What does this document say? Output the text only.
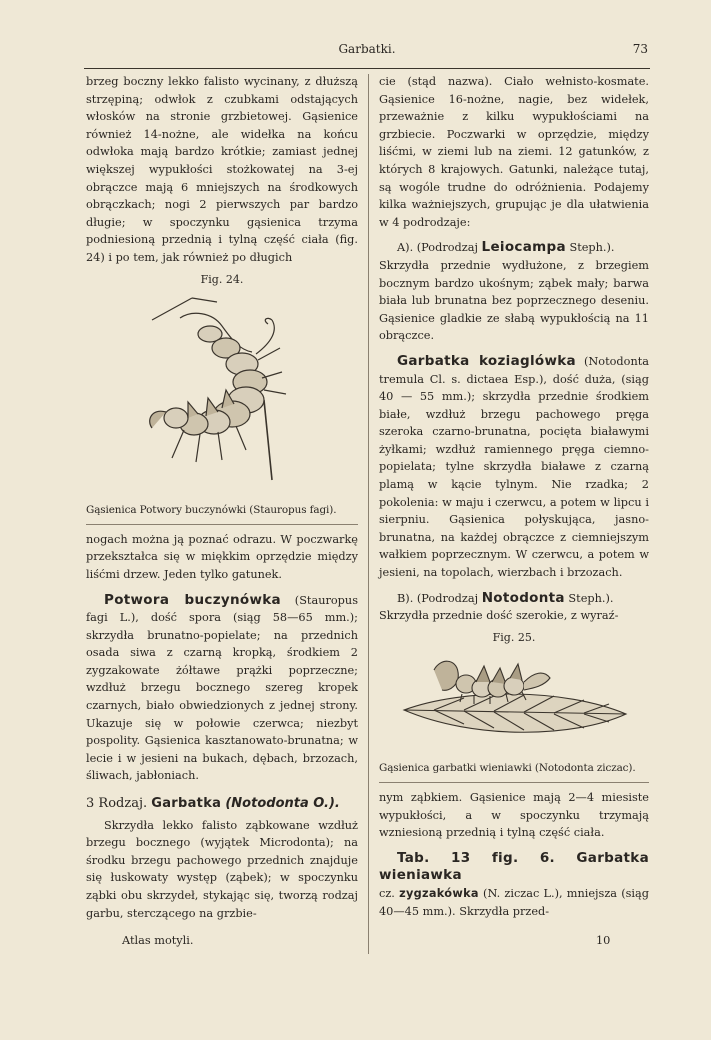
Garbatki.	73

brzeg boczny lekko falisto wycinany, z dłuższą strzępiną; odwłok z czubkami odstających włosków na stronie grzbietowej. Gąsienice również 14-nożne, ale widełka na końcu odwłoka mają bardzo krótkie; zamiast jednej większej wypukłości stożkowatej na 3-ej obrączce mają 6 mniejszych na środkowych obrączkach; nogi 2 pierwszych par bardzo długie; w spoczynku gąsienica trzyma podniesioną przednią i tylną część ciała (fig. 24) i po tem, jak również po długich

Fig. 24.
Gąsienica Potwory buczynówki (Stauropus fagi).

nogach można ją poznać odrazu. W poczwarkę przekształca się w miękkim oprzędzie między liśćmi drzew. Jeden tylko gatunek.

Potwora buczynówka (Stauropus fagi L.), dość spora (siąg 58—65 mm.); skrzydła brunatno-popielate; na przednich osada siwa z czarną kropką, środkiem 2 zygzakowate żółtawe prążki poprzeczne; wzdłuż brzegu bocznego szereg kropek czarnych, biało obwiedzionych z jednej strony. Ukazuje się w połowie czerwca; niezbyt pospolity. Gąsienica kasztanowato-brunatna; w lecie i w jesieni na bukach, dębach, brzozach, śliwach, jabłoniach.

3 Rodzaj. Garbatka (Notodonta O.).

Skrzydła lekko falisto ząbkowane wzdłuż brzegu bocznego (wyjątek Microdonta); na środku brzegu pachowego przednich znajduje się łuskowaty występ (ząbek); w spoczynku ząbki obu skrzydeł, stykając się, tworzą rodzaj garbu, sterczącego na grzbie-

cie (stąd nazwa). Ciało wełnisto-kosmate. Gąsienice 16-nożne, nagie, bez widełek, przeważnie z kilku wypukłościami na grzbiecie. Poczwarki w oprzędzie, między liśćmi, w ziemi lub na ziemi. 12 gatunków, z których 8 krajowych. Gatunki, należące tutaj, są wogóle trudne do odróżnienia. Podajemy kilka ważniejszych, grupując je dla ułatwienia w 4 podrodzaje:

A). (Podrodzaj Leiocampa Steph.).

Skrzydła przednie wydłużone, z brzegiem bocznym bardzo ukośnym; ząbek mały; barwa biała lub brunatna bez poprzecznego deseniu. Gąsienice gladkie ze słabą wypukłością na 11 obrączce.

Garbatka koziaglówka (Notodonta tremula Cl. s. dictaea Esp.), dość duża, (siąg 40 — 55 mm.); skrzydła przednie środkiem białe, wzdłuż brzegu pachowego pręga szeroka czarno-brunatna, pocięta białawymi żyłkami; wzdłuż ramiennego pręga ciemno-popielata; tylne skrzydła białawe z czarną plamą w kącie tylnym. Nie rzadka; 2 pokolenia: w maju i czerwcu, a potem w lipcu i sierpniu. Gąsienica połyskująca, jasno-brunatna, na każdej obrączce z ciemniejszym wałkiem poprzecznym. W czerwcu, a potem w jesieni, na topolach, wierzbach i brzozach.

B). (Podrodzaj Notodonta Steph.).

Skrzydła przednie dość szerokie, z wyraź-

Fig. 25.
Gąsienica garbatki wieniawki (Notodonta ziczac).

nym ząbkiem. Gąsienice mają 2—4 miesiste wypukłości, a w spoczynku trzymają wzniesioną przednią i tylną część ciała.

Tab. 13 fig. 6. Garbatka wieniawka
cz. zygzakówka (N. ziczac L.), mniejsza (siąg 40—45 mm.). Skrzydła przed-

Atlas motyli.	10
